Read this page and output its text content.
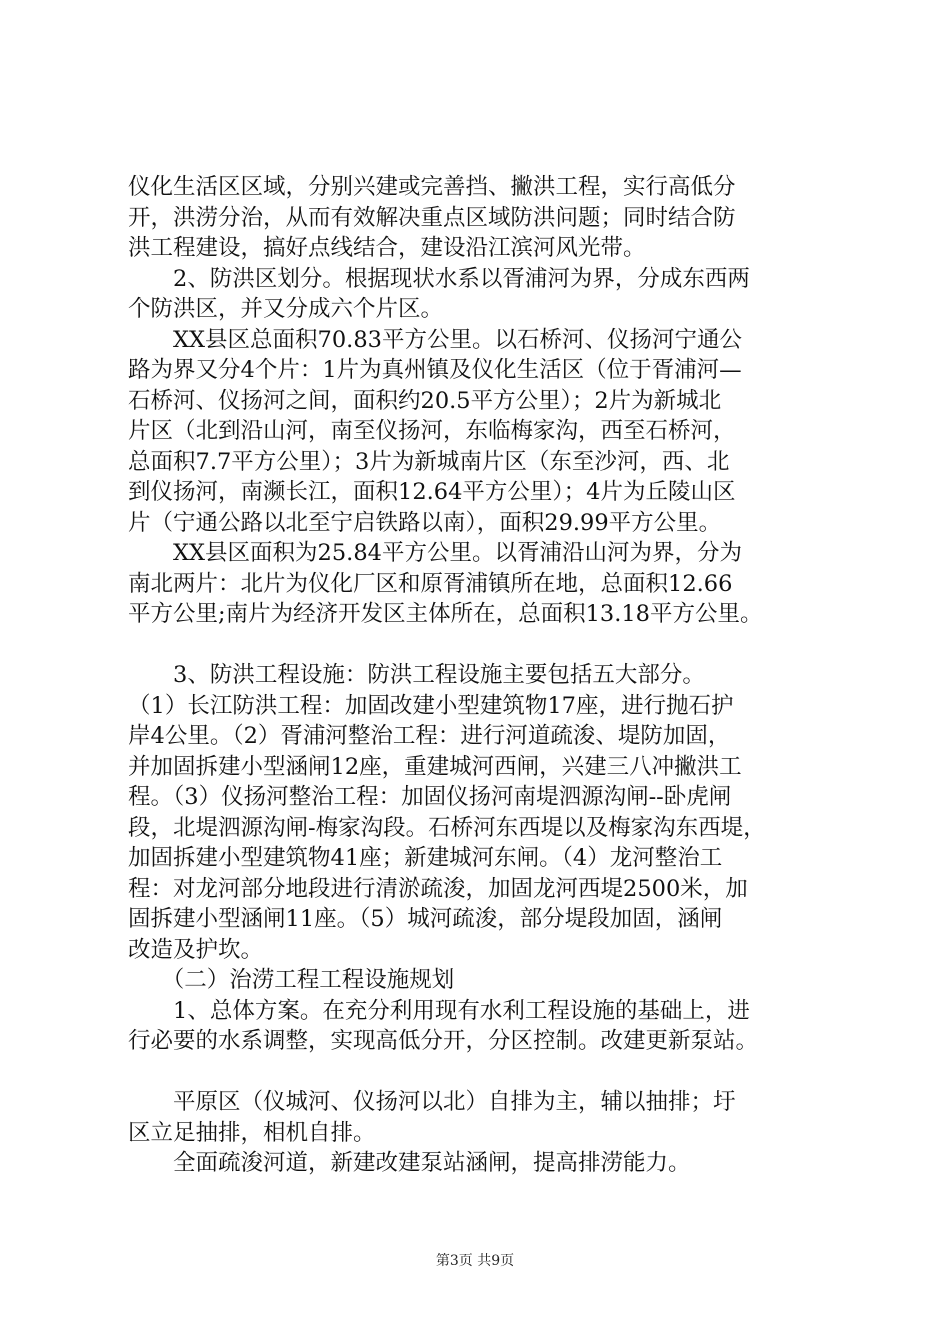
仪化生活区区域，分别兴建或完善挡、撇洪工程，实行高低分
开，洪涝分治，从而有效解决重点区域防洪问题；同时结合防
洪工程建设，搞好点线结合，建设沿江滨河风光带。
　　2、防洪区划分。根据现状水系以胥浦河为界，分成东西两
个防洪区，并又分成六个片区。
　　XX县区总面积70.83平方公里。以石桥河、仪扬河宁通公
路为界又分4个片：1片为真州镇及仪化生活区（位于胥浦河—
石桥河、仪扬河之间，面积约20.5平方公里）；2片为新城北
片区（北到沿山河，南至仪扬河，东临梅家沟，西至石桥河，
总面积7.7平方公里）；3片为新城南片区（东至沙河，西、北
到仪扬河，南濒长江，面积12.64平方公里）；4片为丘陵山区
片（宁通公路以北至宁启铁路以南），面积29.99平方公里。
　　XX县区面积为25.84平方公里。以胥浦沿山河为界，分为
南北两片：北片为仪化厂区和原胥浦镇所在地，总面积12.66
平方公里;南片为经济开发区主体所在，总面积13.18平方公里。
　　3、防洪工程设施：防洪工程设施主要包括五大部分。
（1）长江防洪工程：加固改建小型建筑物17座，进行抛石护
岸4公里。（2）胥浦河整治工程：进行河道疏浚、堤防加固，
并加固拆建小型涵闸12座，重建城河西闸，兴建三八冲撇洪工
程。（3）仪扬河整治工程：加固仪扬河南堤泗源沟闸--卧虎闸
段，北堤泗源沟闸-梅家沟段。石桥河东西堤以及梅家沟东西堤，
加固拆建小型建筑物41座；新建城河东闸。（4）龙河整治工
程：对龙河部分地段进行清淤疏浚，加固龙河西堤2500米，加
固拆建小型涵闸11座。（5）城河疏浚，部分堤段加固，涵闸
改造及护坎。
　　（二）治涝工程工程设施规划
　　1、总体方案。在充分利用现有水利工程设施的基础上，进
行必要的水系调整，实现高低分开，分区控制。改建更新泵站。
　　平原区（仪城河、仪扬河以北）自排为主，辅以抽排；圩
区立足抽排，相机自排。
　　全面疏浚河道，新建改建泵站涵闸，提高排涝能力。
第3页 共9页
